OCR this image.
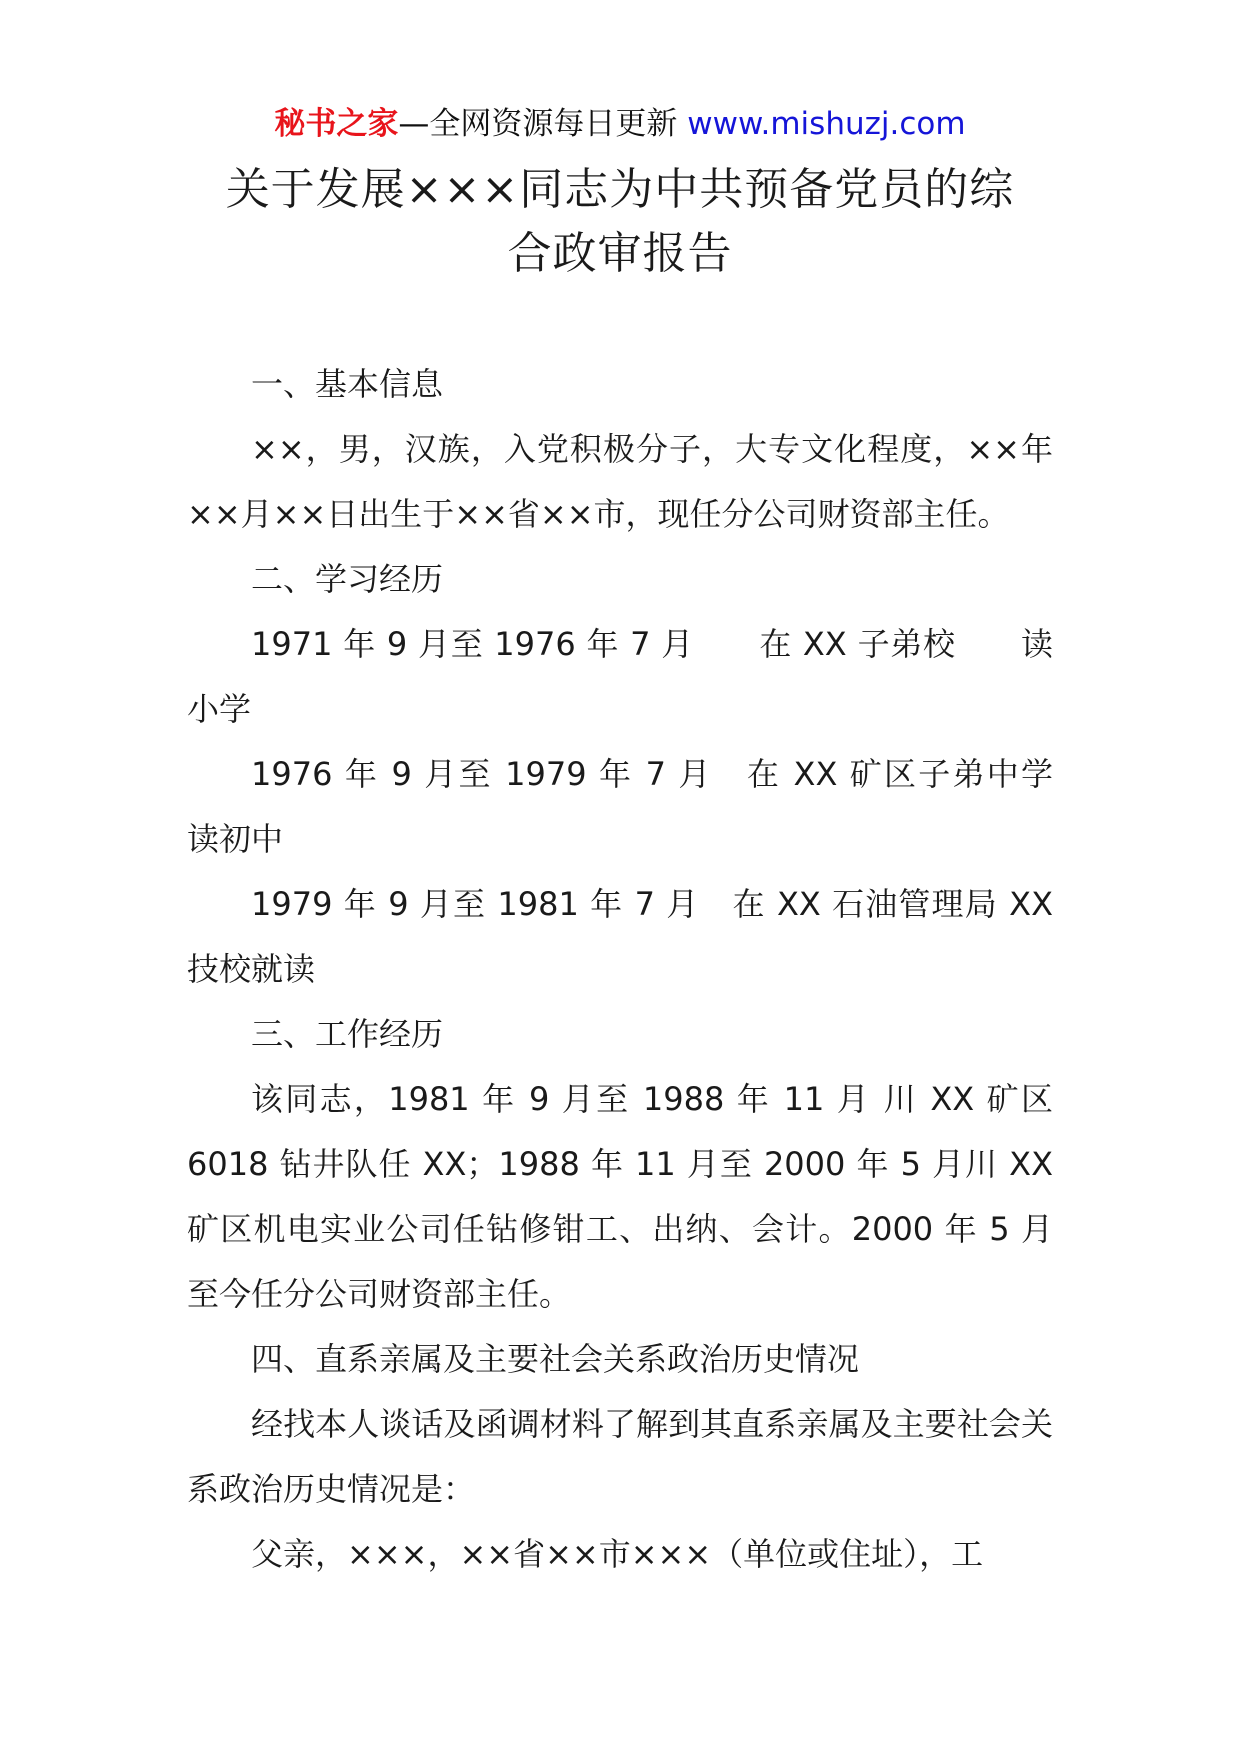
秘书之家—全网资源每日更新 www.mishuzj.com
关于发展×××同志为中共预备党员的综
合政审报告

一、基本信息

××，男，汉族，入党积极分子，大专文化程度，××年××月××日出生于××省××市，现任分公司财资部主任。

二、学习经历

1971 年 9 月至 1976 年 7 月　　在 XX 子弟校　　读小学

1976 年 9 月至 1979 年 7 月　在 XX 矿区子弟中学　　读初中

1979 年 9 月至 1981 年 7 月　在 XX 石油管理局 XX 技校就读

三、工作经历

该同志，1981 年 9 月至 1988 年 11 月 川 XX 矿区 6018 钻井队任 XX；1988 年 11 月至 2000 年 5 月川 XX 矿区机电实业公司任钻修钳工、出纳、会计。2000 年 5 月至今任分公司财资部主任。

四、直系亲属及主要社会关系政治历史情况

经找本人谈话及函调材料了解到其直系亲属及主要社会关系政治历史情况是：

父亲，×××，××省××市×××（单位或住址），工
